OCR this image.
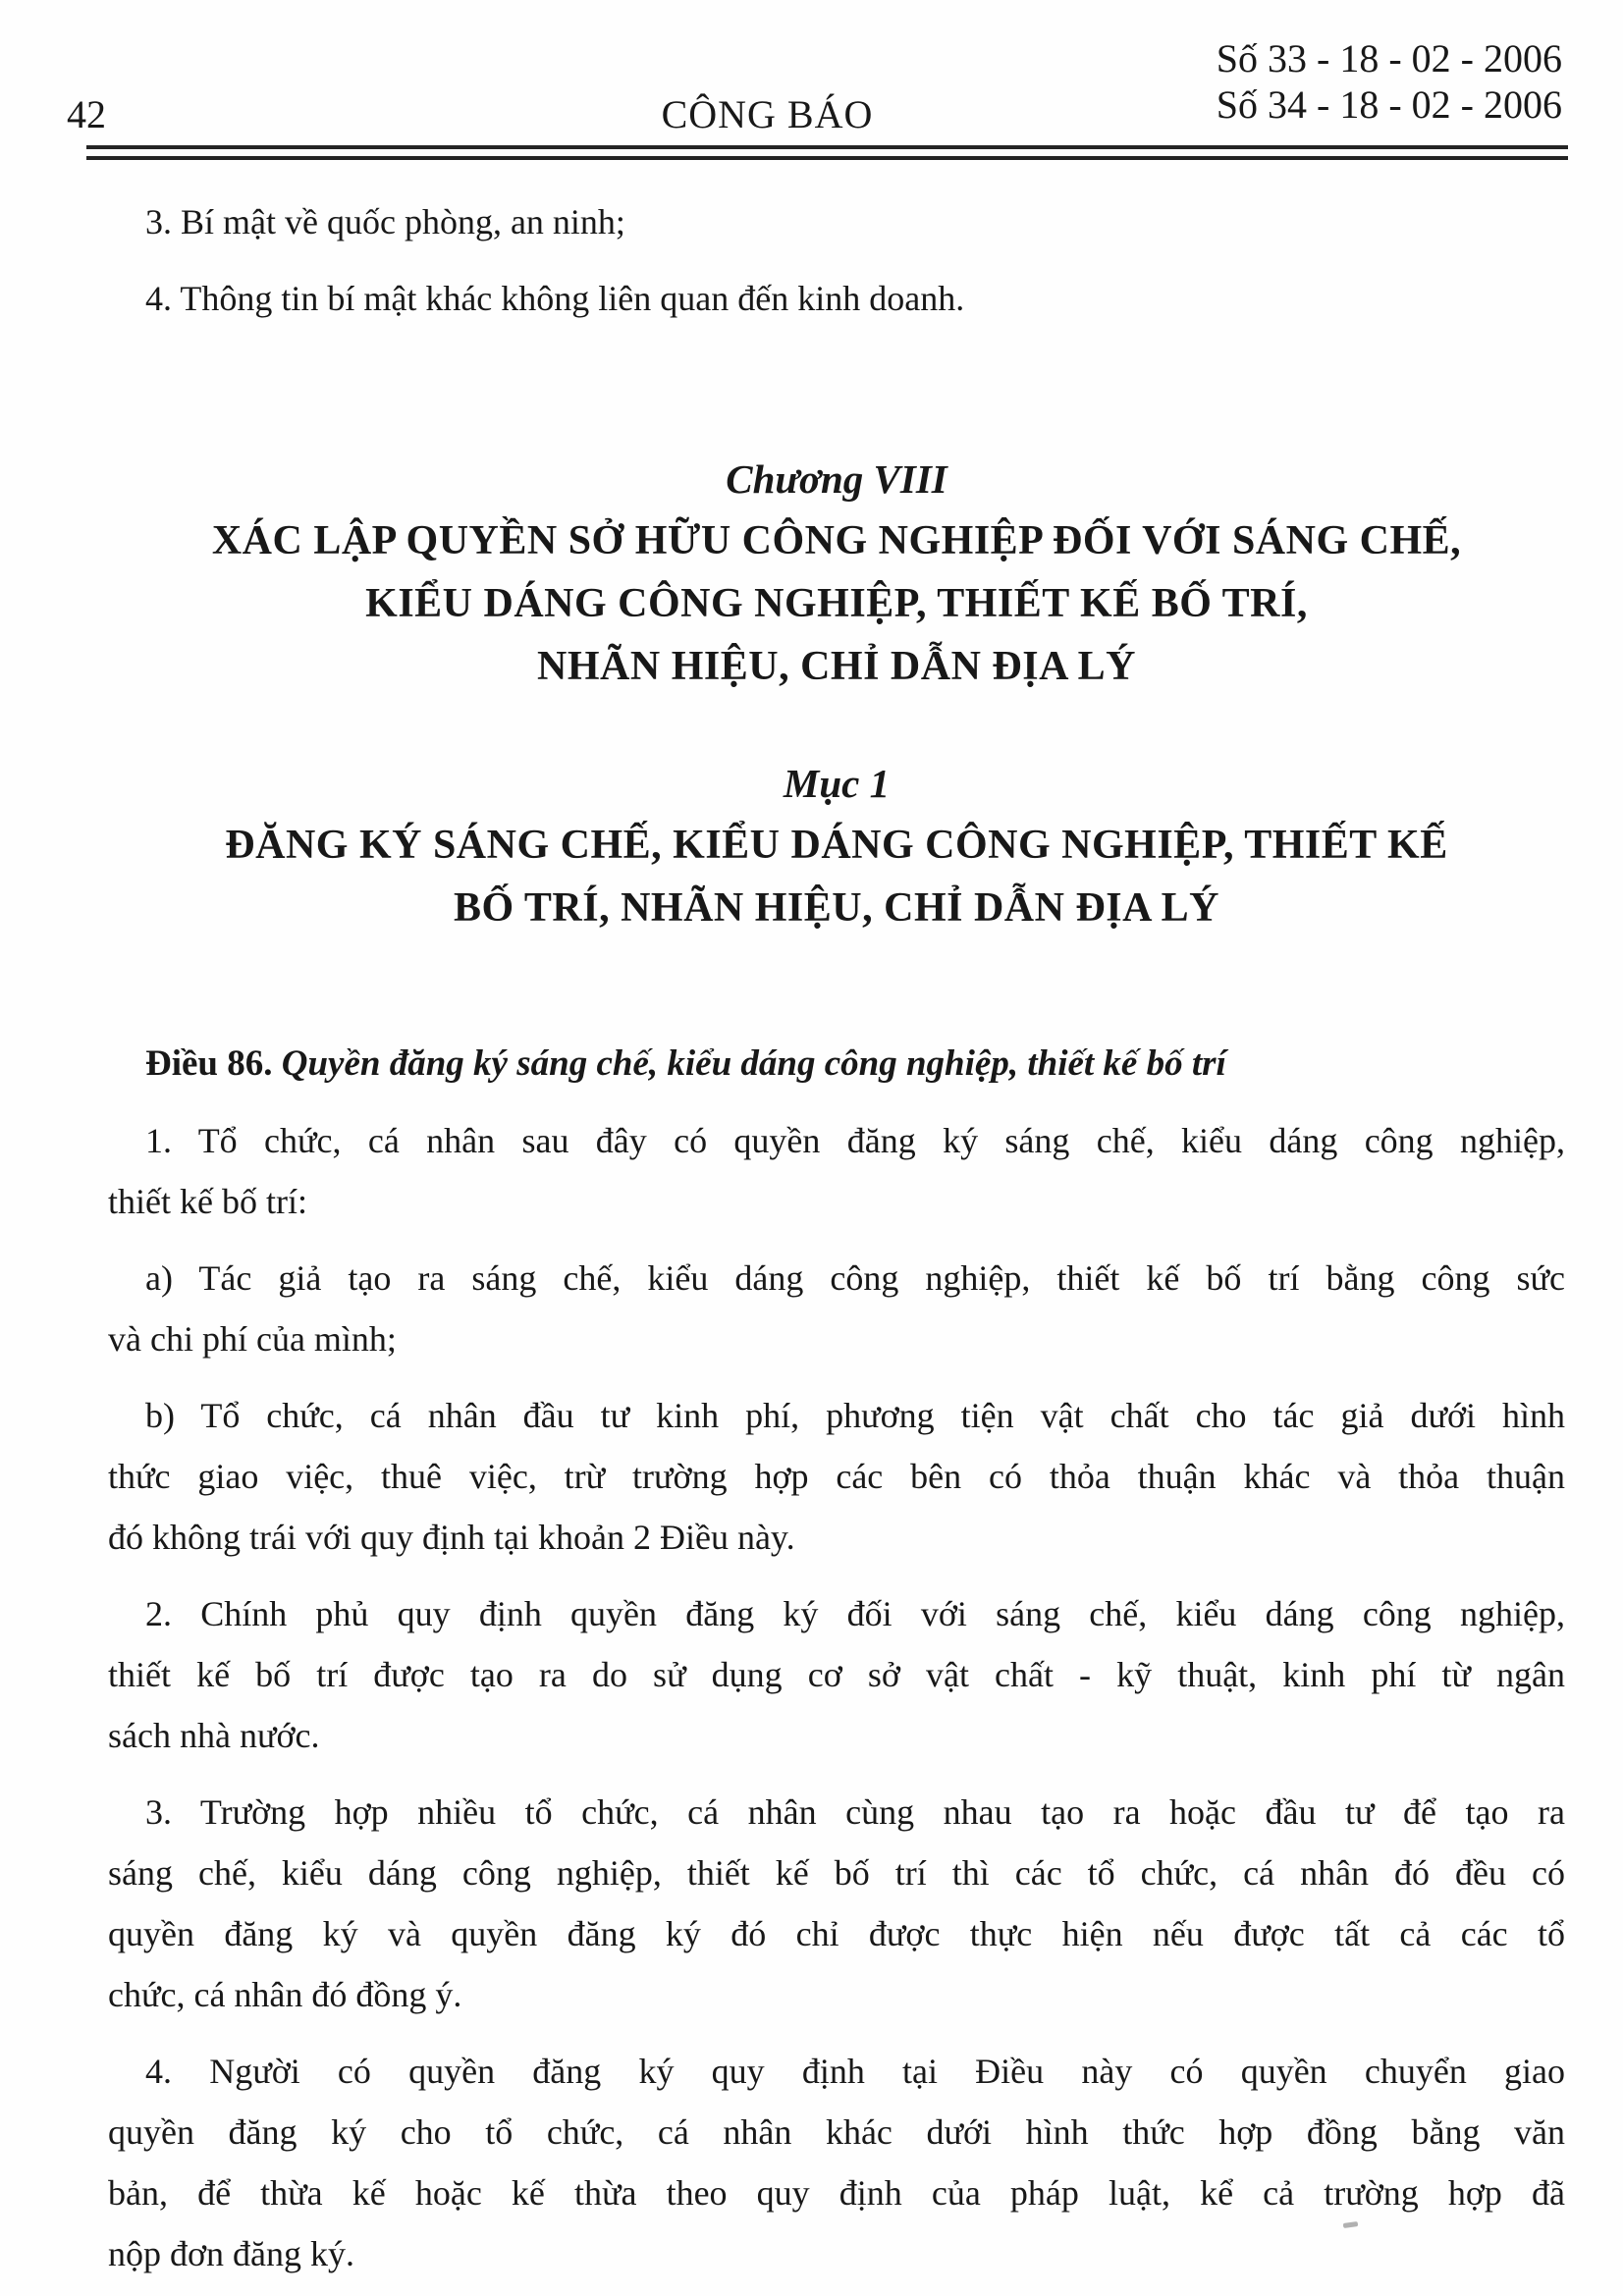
42	CÔNG BÁO
Số 33 - 18 - 02 - 2006
Số 34 - 18 - 02 - 2006

3. Bí mật về quốc phòng, an ninh;

4. Thông tin bí mật khác không liên quan đến kinh doanh.

Chương VIII
XÁC LẬP QUYỀN SỞ HỮU CÔNG NGHIỆP ĐỐI VỚI SÁNG CHẾ,
KIỂU DÁNG CÔNG NGHIỆP, THIẾT KẾ BỐ TRÍ,
NHÃN HIỆU, CHỈ DẪN ĐỊA LÝ
Mục 1
ĐĂNG KÝ SÁNG CHẾ, KIỂU DÁNG CÔNG NGHIỆP, THIẾT KẾ
BỐ TRÍ, NHÃN HIỆU, CHỈ DẪN ĐỊA LÝ

Điều 86. Quyền đăng ký sáng chế, kiểu dáng công nghiệp, thiết kế bố trí

1. Tổ chức, cá nhân sau đây có quyền đăng ký sáng chế, kiểu dáng công nghiệp,
thiết kế bố trí:

a) Tác giả tạo ra sáng chế, kiểu dáng công nghiệp, thiết kế bố trí bằng công sức
và chi phí của mình;

b) Tổ chức, cá nhân đầu tư kinh phí, phương tiện vật chất cho tác giả dưới hình
thức giao việc, thuê việc, trừ trường hợp các bên có thỏa thuận khác và thỏa thuận
đó không trái với quy định tại khoản 2 Điều này.

2. Chính phủ quy định quyền đăng ký đối với sáng chế, kiểu dáng công nghiệp,
thiết kế bố trí được tạo ra do sử dụng cơ sở vật chất - kỹ thuật, kinh phí từ ngân
sách nhà nước.

3. Trường hợp nhiều tổ chức, cá nhân cùng nhau tạo ra hoặc đầu tư để tạo ra
sáng chế, kiểu dáng công nghiệp, thiết kế bố trí thì các tổ chức, cá nhân đó đều có
quyền đăng ký và quyền đăng ký đó chỉ được thực hiện nếu được tất cả các tổ
chức, cá nhân đó đồng ý.

4. Người có quyền đăng ký quy định tại Điều này có quyền chuyển giao
quyền đăng ký cho tổ chức, cá nhân khác dưới hình thức hợp đồng bằng văn
bản, để thừa kế hoặc kế thừa theo quy định của pháp luật, kể cả trường hợp đã
nộp đơn đăng ký.
